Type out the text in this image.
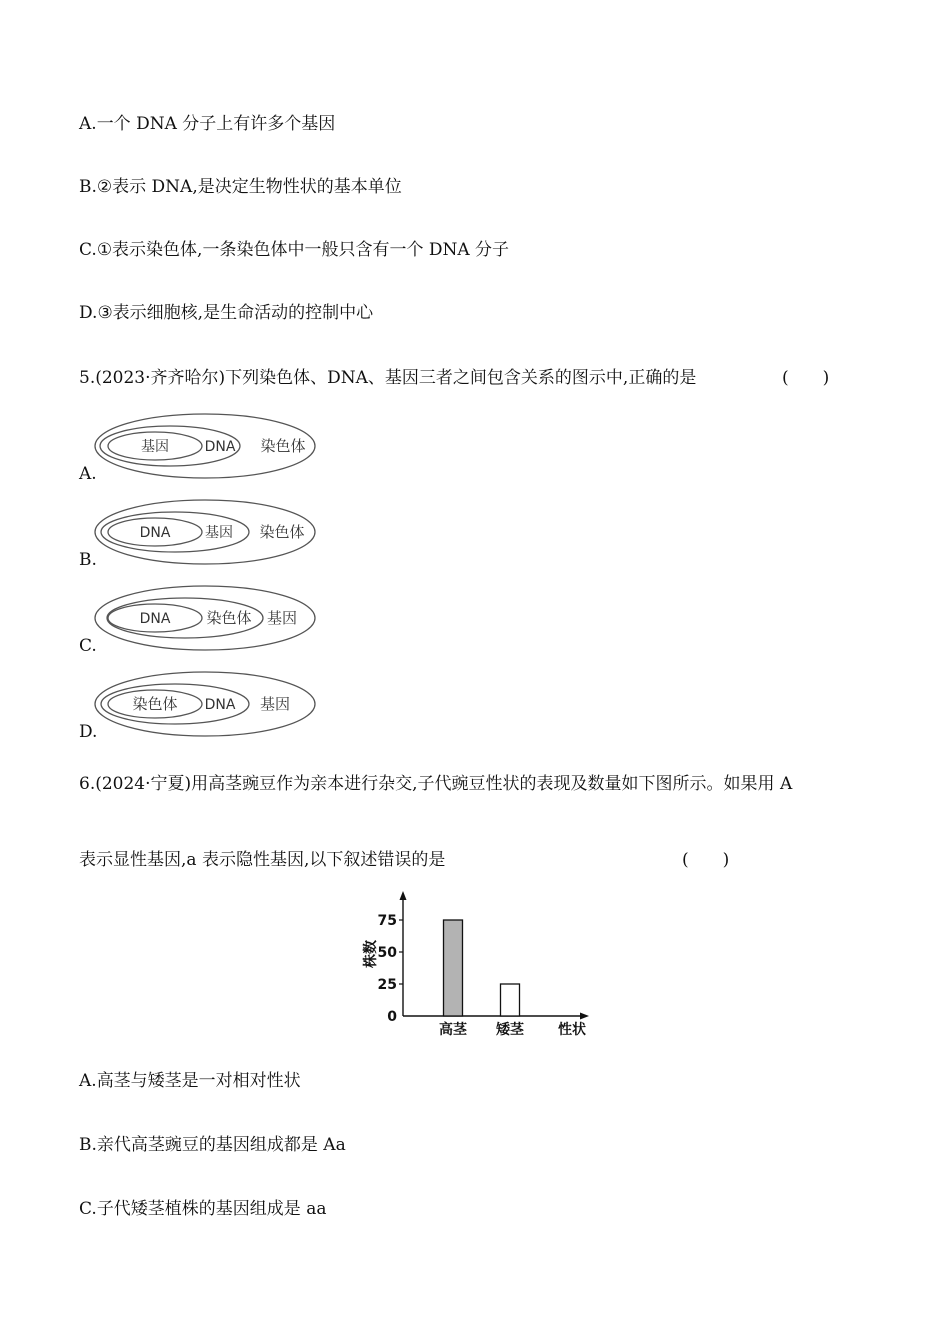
A.一个 DNA 分子上有许多个基因
B.②表示 DNA,是决定生物性状的基本单位
C.①表示染色体,一条染色体中一般只含有一个 DNA 分子
D.③表示细胞核,是生命活动的控制中心
5.(2023·齐齐哈尔)下列染色体、DNA、基因三者之间包含关系的图示中,正确的是	(　　)
A.
基因	DNA 染色体
B.
DNA 基因 染色体
C.
DNA 染色体 基因
D.
染色体 DNA 基因
6.(2024·宁夏)用高茎豌豆作为亲本进行杂交,子代豌豆性状的表现及数量如下图所示。如果用 A
表示显性基因,a 表示隐性基因,以下叙述错误的是	(　　)
0
25
50
75
高茎 矮茎
株数
性状
A.高茎与矮茎是一对相对性状
B.亲代高茎豌豆的基因组成都是 Aa
C.子代矮茎植株的基因组成是 aa
